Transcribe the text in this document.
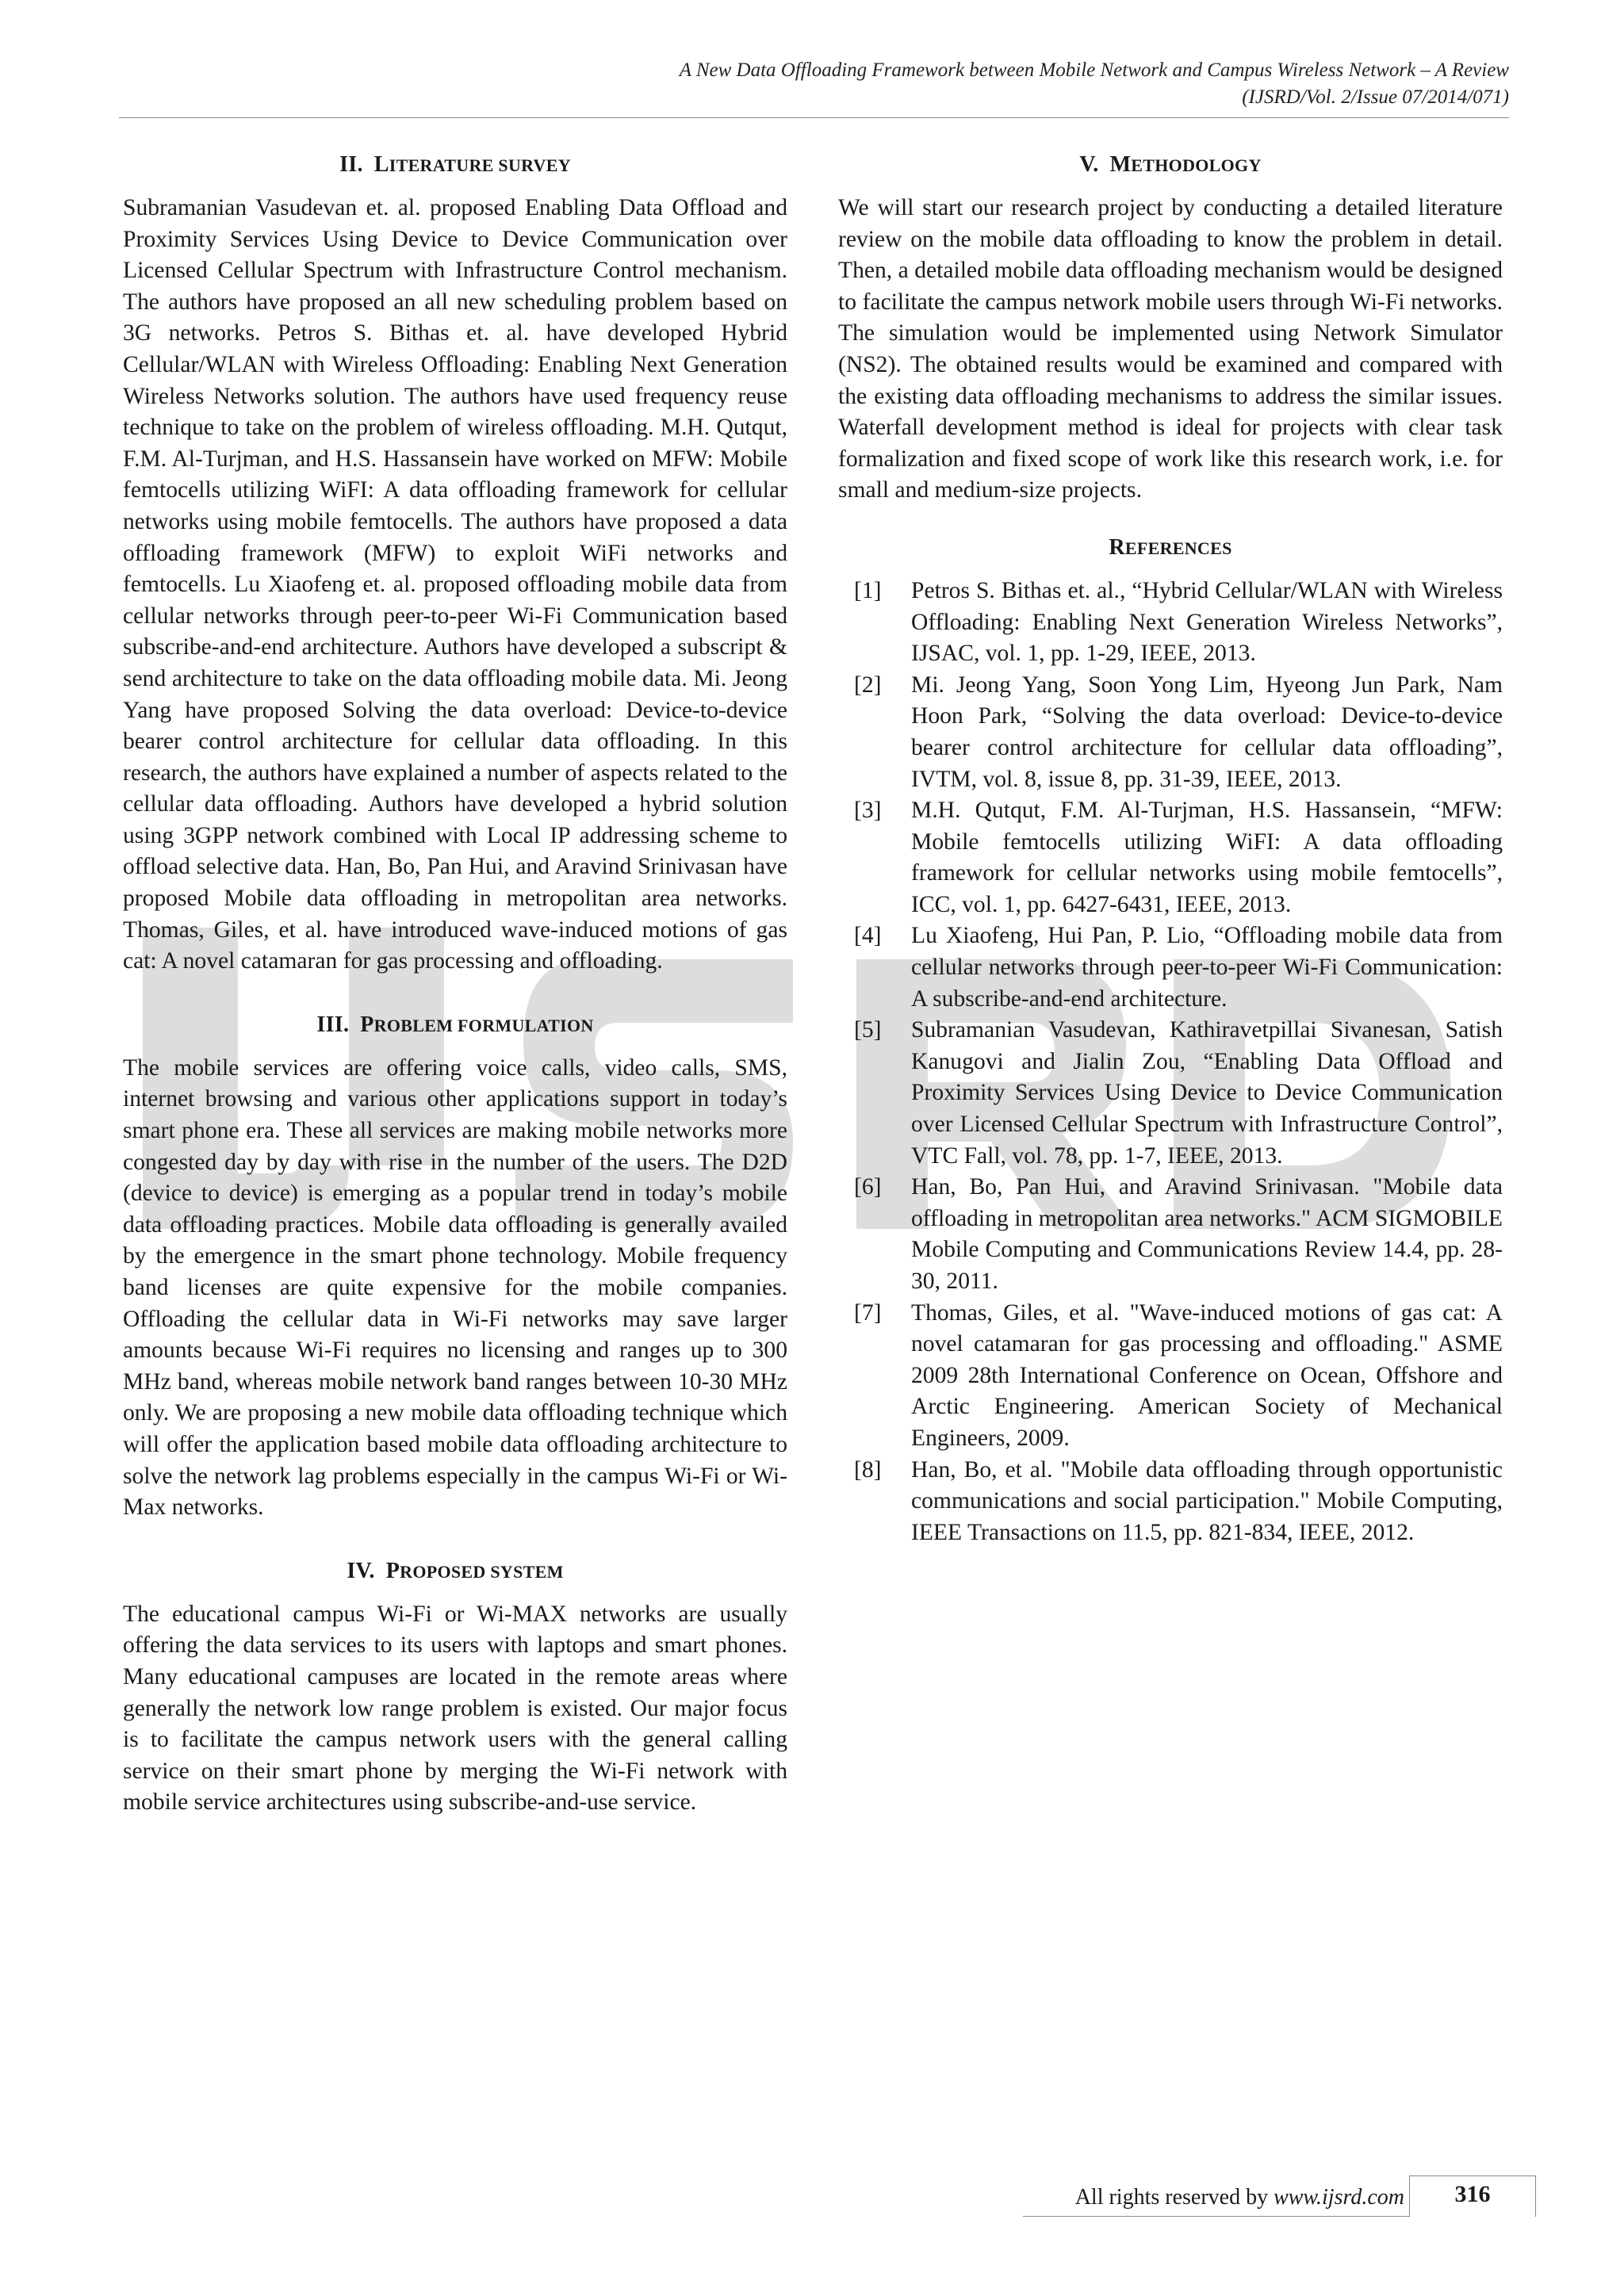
A New Data Offloading Framework between Mobile Network and Campus Wireless Network – A Review
(IJSRD/Vol. 2/Issue 07/2014/071)
II. LITERATURE SURVEY

Subramanian Vasudevan et. al. proposed Enabling Data Offload and Proximity Services Using Device to Device Communication over Licensed Cellular Spectrum with Infrastructure Control mechanism. The authors have proposed an all new scheduling problem based on 3G networks. Petros S. Bithas et. al. have developed Hybrid Cellular/WLAN with Wireless Offloading: Enabling Next Generation Wireless Networks solution. The authors have used frequency reuse technique to take on the problem of wireless offloading. M.H. Qutqut, F.M. Al-Turjman, and H.S. Hassansein have worked on MFW: Mobile femtocells utilizing WiFI: A data offloading framework for cellular networks using mobile femtocells. The authors have proposed a data offloading framework (MFW) to exploit WiFi networks and femtocells. Lu Xiaofeng et. al. proposed offloading mobile data from cellular networks through peer-to-peer Wi-Fi Communication based subscribe-and-end architecture. Authors have developed a subscript & send architecture to take on the data offloading mobile data. Mi. Jeong Yang have proposed Solving the data overload: Device-to-device bearer control architecture for cellular data offloading. In this research, the authors have explained a number of aspects related to the cellular data offloading. Authors have developed a hybrid solution using 3GPP network combined with Local IP addressing scheme to offload selective data. Han, Bo, Pan Hui, and Aravind Srinivasan have proposed Mobile data offloading in metropolitan area networks. Thomas, Giles, et al. have introduced wave-induced motions of gas cat: A novel catamaran for gas processing and offloading.

III. PROBLEM FORMULATION

The mobile services are offering voice calls, video calls, SMS, internet browsing and various other applications support in today’s smart phone era. These all services are making mobile networks more congested day by day with rise in the number of the users. The D2D (device to device) is emerging as a popular trend in today’s mobile data offloading practices. Mobile data offloading is generally availed by the emergence in the smart phone technology. Mobile frequency band licenses are quite expensive for the mobile companies. Offloading the cellular data in Wi-Fi networks may save larger amounts because Wi-Fi requires no licensing and ranges up to 300 MHz band, whereas mobile network band ranges between 10-30 MHz only. We are proposing a new mobile data offloading technique which will offer the application based mobile data offloading architecture to solve the network lag problems especially in the campus Wi-Fi or Wi-Max networks.

IV. PROPOSED SYSTEM

The educational campus Wi-Fi or Wi-MAX networks are usually offering the data services to its users with laptops and smart phones. Many educational campuses are located in the remote areas where generally the network low range problem is existed. Our major focus is to facilitate the campus network users with the general calling service on their smart phone by merging the Wi-Fi network with mobile service architectures using subscribe-and-use service.

V. METHODOLOGY

We will start our research project by conducting a detailed literature review on the mobile data offloading to know the problem in detail. Then, a detailed mobile data offloading mechanism would be designed to facilitate the campus network mobile users through Wi-Fi networks. The simulation would be implemented using Network Simulator (NS2). The obtained results would be examined and compared with the existing data offloading mechanisms to address the similar issues. Waterfall development method is ideal for projects with clear task formalization and fixed scope of work like this research work, i.e. for small and medium-size projects.

REFERENCES
[1]	Petros S. Bithas et. al., “Hybrid Cellular/WLAN with Wireless Offloading: Enabling Next Generation Wireless Networks”, IJSAC, vol. 1, pp. 1-29, IEEE, 2013.
[2]	Mi. Jeong Yang, Soon Yong Lim, Hyeong Jun Park, Nam Hoon Park, “Solving the data overload: Device-to-device bearer control architecture for cellular data offloading”, IVTM, vol. 8, issue 8, pp. 31-39, IEEE, 2013.
[3]	M.H. Qutqut, F.M. Al-Turjman, H.S. Hassansein, “MFW: Mobile femtocells utilizing WiFI: A data offloading framework for cellular networks using mobile femtocells”, ICC, vol. 1, pp. 6427-6431, IEEE, 2013.
[4]	Lu Xiaofeng, Hui Pan, P. Lio, “Offloading mobile data from cellular networks through peer-to-peer Wi-Fi Communication: A subscribe-and-end architecture.
[5]	Subramanian Vasudevan, Kathiravetpillai Sivanesan, Satish Kanugovi and Jialin Zou, “Enabling Data Offload and Proximity Services Using Device to Device Communication over Licensed Cellular Spectrum with Infrastructure Control”, VTC Fall, vol. 78, pp. 1-7, IEEE, 2013.
[6]	Han, Bo, Pan Hui, and Aravind Srinivasan. "Mobile data offloading in metropolitan area networks." ACM SIGMOBILE Mobile Computing and Communications Review 14.4, pp. 28-30, 2011.
[7]	Thomas, Giles, et al. "Wave-induced motions of gas cat: A novel catamaran for gas processing and offloading." ASME 2009 28th International Conference on Ocean, Offshore and Arctic Engineering. American Society of Mechanical Engineers, 2009.
[8]	Han, Bo, et al. "Mobile data offloading through opportunistic communications and social participation." Mobile Computing, IEEE Transactions on 11.5, pp. 821-834, IEEE, 2012.
All rights reserved by www.ijsrd.com	316
